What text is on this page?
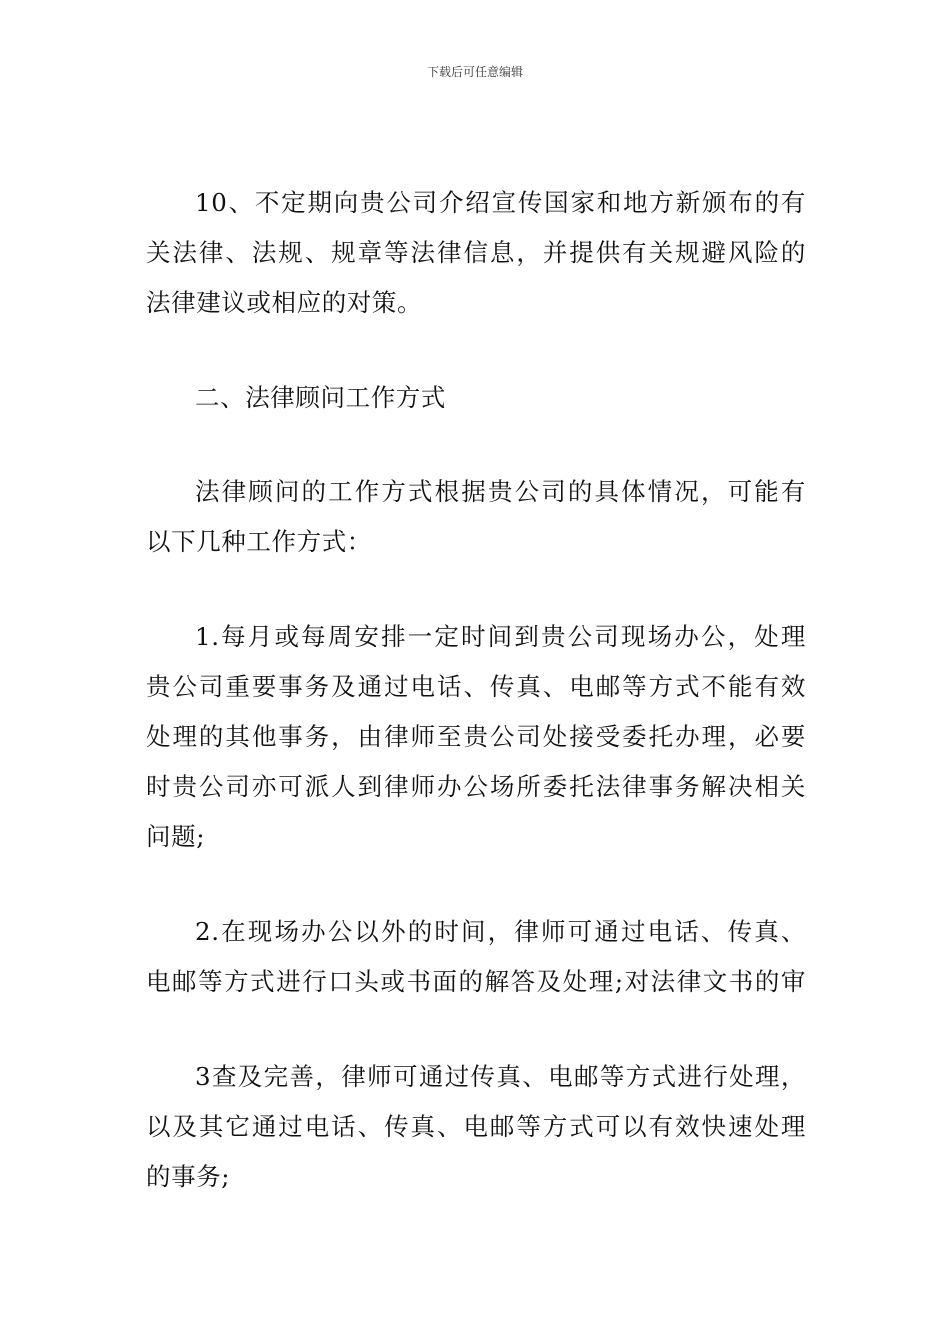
下载后可任意编辑
10、不定期向贵公司介绍宣传国家和地方新颁布的有
关法律、法规、规章等法律信息，并提供有关规避风险的
法律建议或相应的对策。
二、法律顾问工作方式
法律顾问的工作方式根据贵公司的具体情况，可能有
以下几种工作方式：
1.每月或每周安排一定时间到贵公司现场办公，处理
贵公司重要事务及通过电话、传真、电邮等方式不能有效
处理的其他事务，由律师至贵公司处接受委托办理，必要
时贵公司亦可派人到律师办公场所委托法律事务解决相关
问题;
2.在现场办公以外的时间，律师可通过电话、传真、
电邮等方式进行口头或书面的解答及处理;对法律文书的审
3查及完善，律师可通过传真、电邮等方式进行处理，
以及其它通过电话、传真、电邮等方式可以有效快速处理
的事务;
